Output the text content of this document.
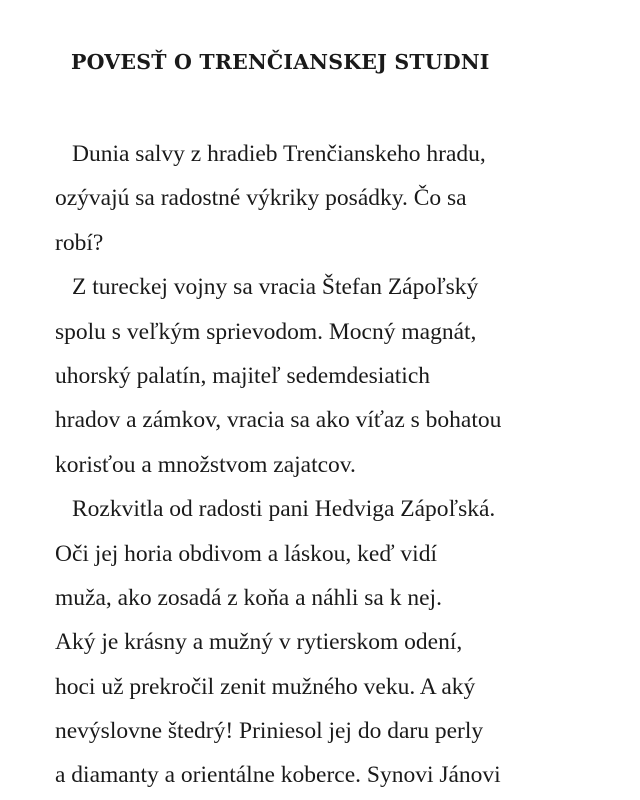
POVESŤ O TRENČIANSKEJ STUDNI
Dunia salvy z hradieb Trenčianskeho hradu,
ozývajú sa radostné výkriky posádky. Čo sa
robí?
Z tureckej vojny sa vracia Štefan Zápoľský
spolu s veľkým sprievodom. Mocný magnát,
uhorský palatín, majiteľ sedemdesiatich
hradov a zámkov, vracia sa ako víťaz s bohatou
korisťou a množstvom zajatcov.
Rozkvitla od radosti pani Hedviga Zápoľská.
Oči jej horia obdivom a láskou, keď vidí
muža, ako zosadá z koňa a náhli sa k nej.
Aký je krásny a mužný v rytierskom odení,
hoci už prekročil zenit mužného veku. A aký
nevýslovne štedrý! Priniesol jej do daru perly
a diamanty a orientálne koberce. Synovi Jánovi
